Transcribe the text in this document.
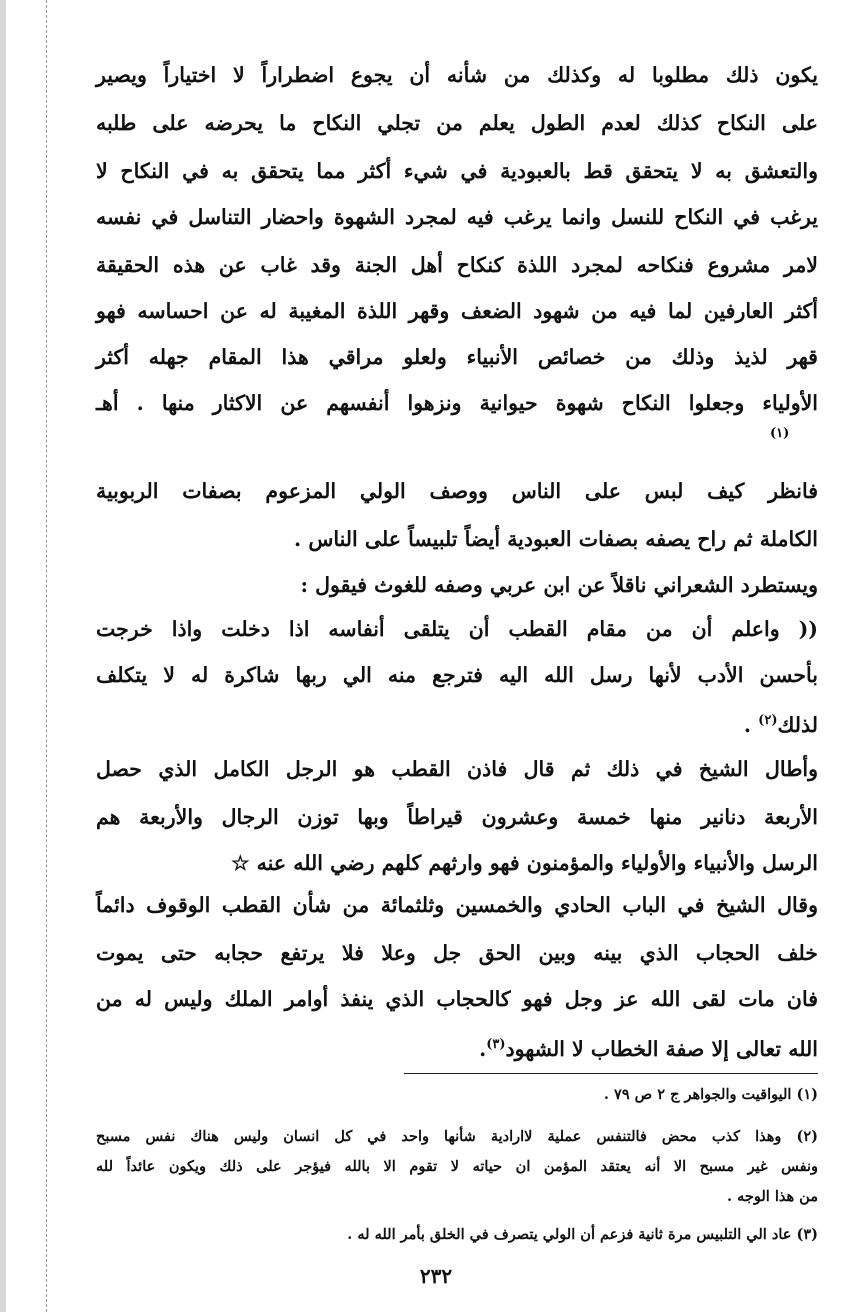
يكون ذلك مطلوبا له وكذلك من شأنه أن يجوع اضطراراً لا اختياراً ويصير
على النكاح كذلك لعدم الطول يعلم من تجلي النكاح ما يحرضه على طلبه
والتعشق به لا يتحقق قط بالعبودية في شيء أكثر مما يتحقق به في النكاح لا
يرغب في النكاح للنسل وانما يرغب فيه لمجرد الشهوة واحضار التناسل في نفسه
لامر مشروع فنكاحه لمجرد اللذة كنكاح أهل الجنة وقد غاب عن هذه الحقيقة
أكثر العارفين لما فيه من شهود الضعف وقهر اللذة المغيبة له عن احساسه فهو
قهر لذيذ وذلك من خصائص الأنبياء ولعلو مراقي هذا المقام جهله أكثر
الأولياء وجعلوا النكاح شهوة حيوانية ونزهوا أنفسهم عن الاكثار منها . أهـ
(١)
فانظر كيف لبس على الناس ووصف الولي المزعوم بصفات الربوبية
الكاملة ثم راح يصفه بصفات العبودية أيضاً تلبيساً على الناس .
ويستطرد الشعراني ناقلاً عن ابن عربي وصفه للغوث فيقول :
(( واعلم أن من مقام القطب أن يتلقى أنفاسه اذا دخلت واذا خرجت
بأحسن الأدب لأنها رسل الله اليه فترجع منه الي ربها شاكرة له لا يتكلف
لذلك$^{(٢)}$ .
وأطال الشيخ في ذلك ثم قال فاذن القطب هو الرجل الكامل الذي حصل
الأربعة دنانير منها خمسة وعشرون قيراطاً وبها توزن الرجال والأربعة هم
الرسل والأنبياء والأولياء والمؤمنون فهو وارثهم كلهم رضي الله عنه ☆
وقال الشيخ في الباب الحادي والخمسين وثلثمائة من شأن القطب الوقوف دائماً
خلف الحجاب الذي بينه وبين الحق جل وعلا فلا يرتفع حجابه حتى يموت
فان مات لقى الله عز وجل فهو كالحجاب الذي ينفذ أوامر الملك وليس له من
الله تعالى إلا صفة الخطاب لا الشهود$^{(٣)}$.
(١) اليواقيت والجواهر ج ٢ ص ٧٩ .
(٢) وهذا كذب محض فالتنفس عملية لاارادية شأنها واحد في كل انسان وليس هناك نفس مسبح
ونفس غير مسبح الا أنه يعتقد المؤمن ان حياته لا تقوم الا بالله فيؤجر على ذلك ويكون عائداً لله
من هذا الوجه .
(٣) عاد الي التلبيس مرة ثانية فزعم أن الولي يتصرف في الخلق بأمر الله له .
٢٣٢
